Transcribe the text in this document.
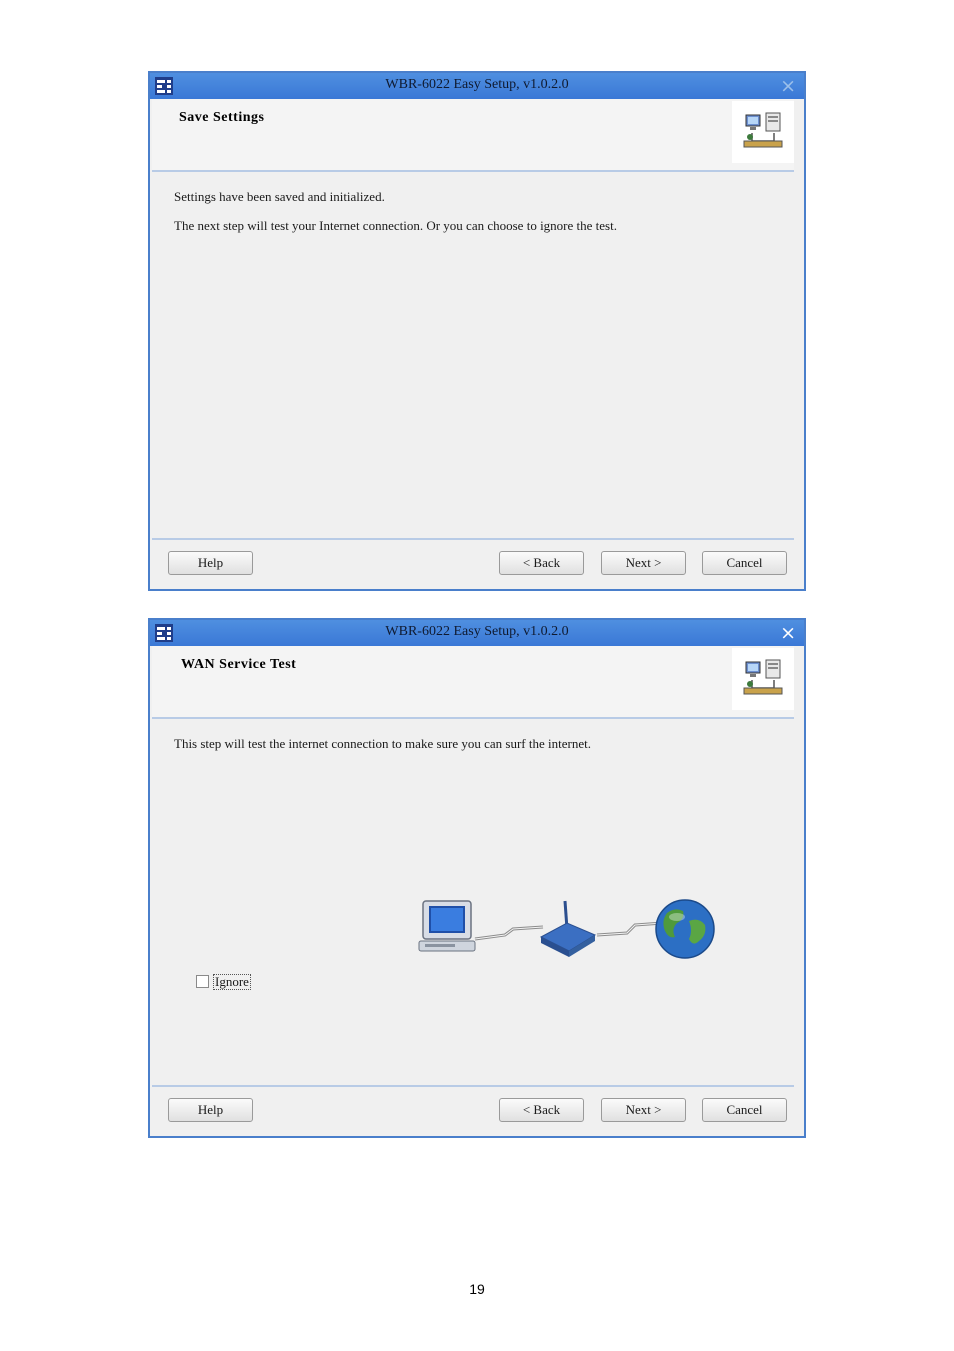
WBR-6022 Easy Setup, v1.0.2.0	×
Save Settings
Settings have been saved and initialized.
The next step will test your Internet connection. Or you can choose to ignore the test.
Help	< Back	Next >	Cancel
WBR-6022 Easy Setup, v1.0.2.0	×
WAN Service Test
This step will test the internet connection to make sure you can surf the internet.
Ignore
Help	< Back	Next >	Cancel
19
